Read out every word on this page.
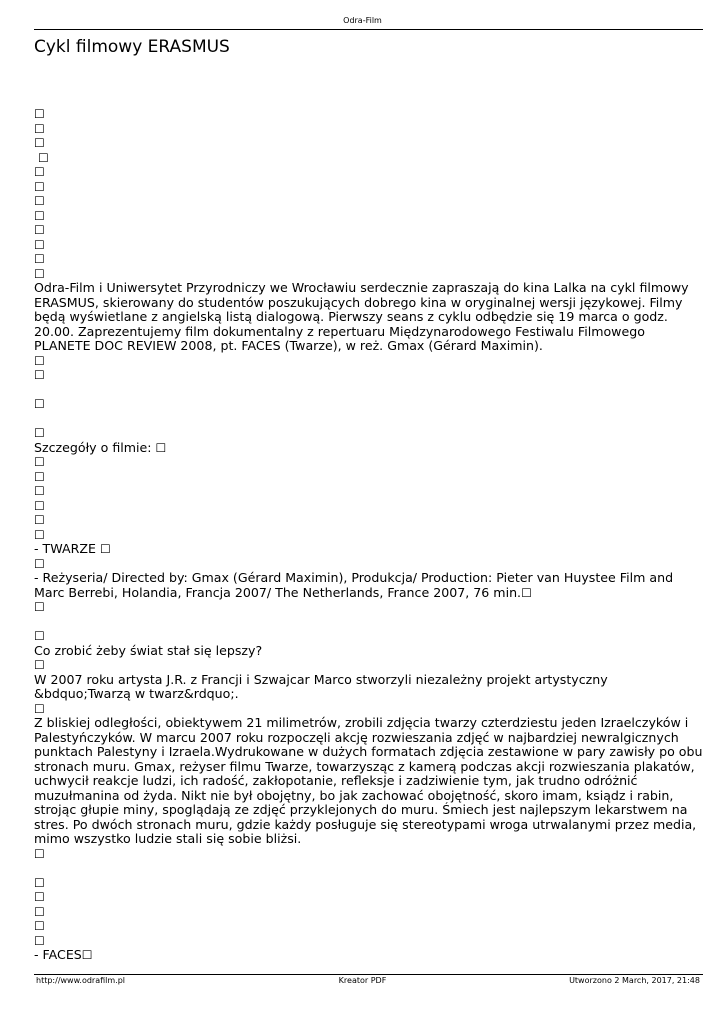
Odra-Film
Cykl filmowy ERASMUS

☐

☐

☐

☐

☐

☐

☐

☐

☐

☐

☐

☐

Odra-Film i Uniwersytet Przyrodniczy we Wrocławiu serdecznie zapraszają do kina Lalka na cykl filmowy ERASMUS, skierowany do studentów poszukujących dobrego kina w oryginalnej wersji językowej. Filmy będą wyświetlane z angielską listą dialogową. Pierwszy seans z cyklu odbędzie się 19 marca o godz. 20.00. Zaprezentujemy film dokumentalny z repertuaru Międzynarodowego Festiwalu Filmowego PLANETE DOC REVIEW 2008, pt. FACES (Twarze), w reż. Gmax (Gérard Maximin).

☐

☐

☐

☐

Szczegóły o filmie: ☐

☐

☐

☐

☐

☐

☐

- TWARZE ☐

☐

- Reżyseria/ Directed by: Gmax (Gérard Maximin), Produkcja/ Production: Pieter van Huystee Film and Marc Berrebi, Holandia, Francja 2007/ The Netherlands, France 2007, 76 min.☐

☐

☐

Co zrobić żeby świat stał się lepszy?

☐

W 2007 roku artysta J.R. z Francji i Szwajcar Marco stworzyli niezależny projekt artystyczny &bdquo;Twarzą w twarz&rdquo;.

☐

Z bliskiej odległości, obiektywem 21 milimetrów, zrobili zdjęcia twarzy czterdziestu jeden Izraelczyków i Palestyńczyków. W marcu 2007 roku rozpoczęli akcję rozwieszania zdjęć w najbardziej newralgicznych punktach Palestyny i Izraela.Wydrukowane w dużych formatach zdjęcia zestawione w pary zawisły po obu stronach muru. Gmax, reżyser filmu Twarze, towarzysząc z kamerą podczas akcji rozwieszania plakatów, uchwycił reakcje ludzi, ich radość, zakłopotanie, refleksje i zadziwienie tym, jak trudno odróżnić muzułmanina od żyda. Nikt nie był obojętny, bo jak zachować obojętność, skoro imam, ksiądz i rabin, strojąc głupie miny, spoglądają ze zdjęć przyklejonych do muru. Śmiech jest najlepszym lekarstwem na stres. Po dwóch stronach muru, gdzie każdy posługuje się stereotypami wroga utrwalanymi przez media, mimo wszystko ludzie stali się sobie bliżsi.

☐

☐

☐

☐

☐

☐

- FACES☐

http://www.odrafilm.pl	Kreator PDF	Utworzono 2 March, 2017, 21:48
